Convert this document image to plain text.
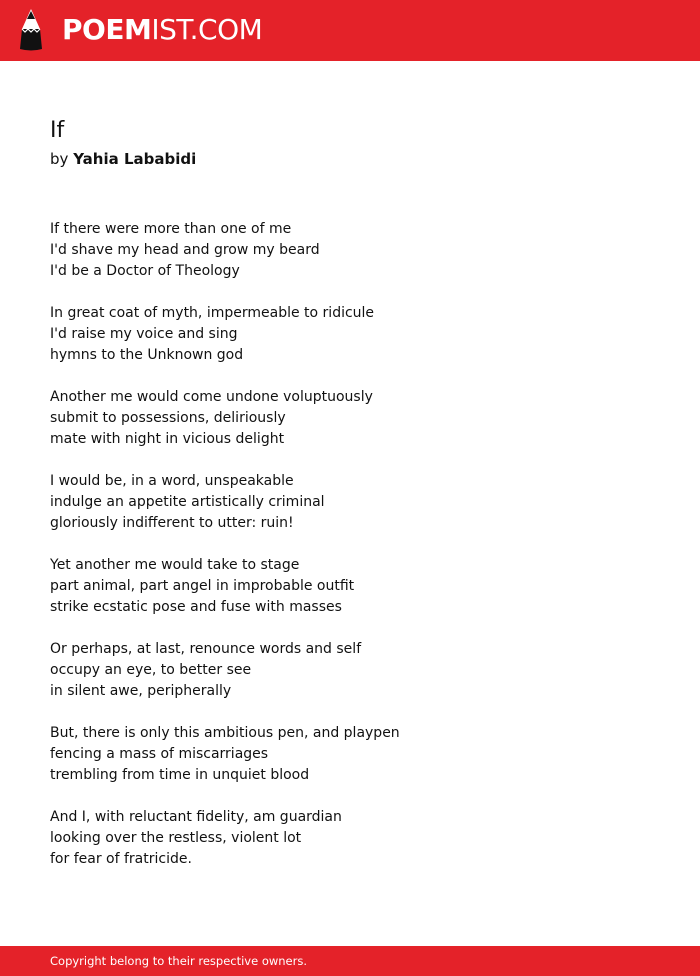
POEMIST.COM
If
by Yahia Lababidi
If there were more than one of me
I'd shave my head and grow my beard
I'd be a Doctor of Theology
In great coat of myth, impermeable to ridicule
I'd raise my voice and sing
hymns to the Unknown god
Another me would come undone voluptuously
submit to possessions, deliriously
mate with night in vicious delight
I would be, in a word, unspeakable
indulge an appetite artistically criminal
gloriously indifferent to utter: ruin!
Yet another me would take to stage
part animal, part angel in improbable outfit
strike ecstatic pose and fuse with masses
Or perhaps, at last, renounce words and self
occupy an eye, to better see
in silent awe, peripherally
But, there is only this ambitious pen, and playpen
fencing a mass of miscarriages
trembling from time in unquiet blood
And I, with reluctant fidelity, am guardian
looking over the restless, violent lot
for fear of fratricide.
Copyright belong to their respective owners.
